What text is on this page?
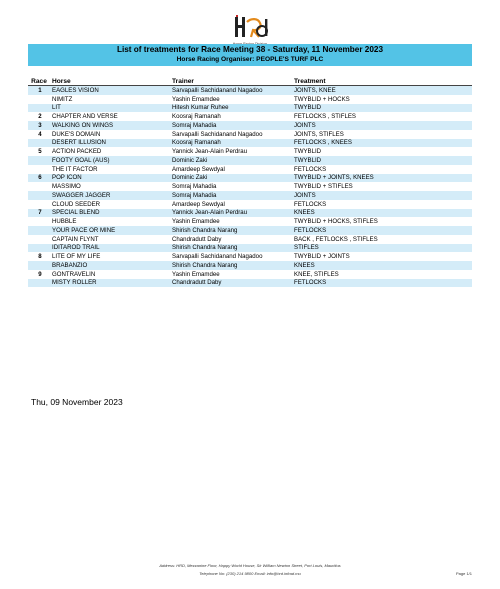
List of treatments for Race Meeting 38 - Saturday, 11 November 2023
Horse Racing Organiser: PEOPLE'S TURF PLC
Race	Horse	Trainer	Treatment
1	EAGLES VISION	Sarvapalli Sachidanand Nagadoo	JOINTS, KNEE
	NIMITZ	Yashin Emamdee	TWYBLID + HOCKS
	LIT	Hitesh Kumar Ruhee	TWYBLID
2	CHAPTER AND VERSE	Koosraj Ramanah	FETLOCKS , STIFLES
3	WALKING ON WINGS	Somraj Mahadia	JOINTS
4	DUKE'S DOMAIN	Sarvapalli Sachidanand Nagadoo	JOINTS, STIFLES
	DESERT ILLUSION	Koosraj Ramanah	FETLOCKS , KNEES
5	ACTION PACKED	Yannick Jean-Alain Perdrau	TWYBLID
	FOOTY GOAL (AUS)	Dominic Zaki	TWYBLID
	THE IT FACTOR	Amardeep Sewdyal	FETLOCKS
6	POP ICON	Dominic Zaki	TWYBLID + JOINTS, KNEES
	MASSIMO	Somraj Mahadia	TWYBLID + STIFLES
	SWAGGER JAGGER	Somraj Mahadia	JOINTS
	CLOUD SEEDER	Amardeep Sewdyal	FETLOCKS
7	SPECIAL BLEND	Yannick Jean-Alain Perdrau	KNEES
	HUBBLE	Yashin Emamdee	TWYBLID + HOCKS, STIFLES
	YOUR PACE OR MINE	Shirish Chandra Narang	FETLOCKS
	CAPTAIN FLYNT	Chandradutt Daby	BACK , FETLOCKS , STIFLES
	IDITAROD TRAIL	Shirish Chandra Narang	STIFLES
8	LITE OF MY LIFE	Sarvapalli Sachidanand Nagadoo	TWYBLID + JOINTS
	BRABANZIO	Shirish Chandra Narang	KNEES
9	GONTRAVELIN	Yashin Emamdee	KNEE, STIFLES
	MISTY ROLLER	Chandradutt Daby	FETLOCKS
Thu, 09 November 2023
Address: HRD, Mezzanine Floor, Happy World House, Sir William Newton Street, Port Louis, Mauritius
Telephone No: (230) 214 9800 Email: info@hrd.infrad.mu	Page 1/1
